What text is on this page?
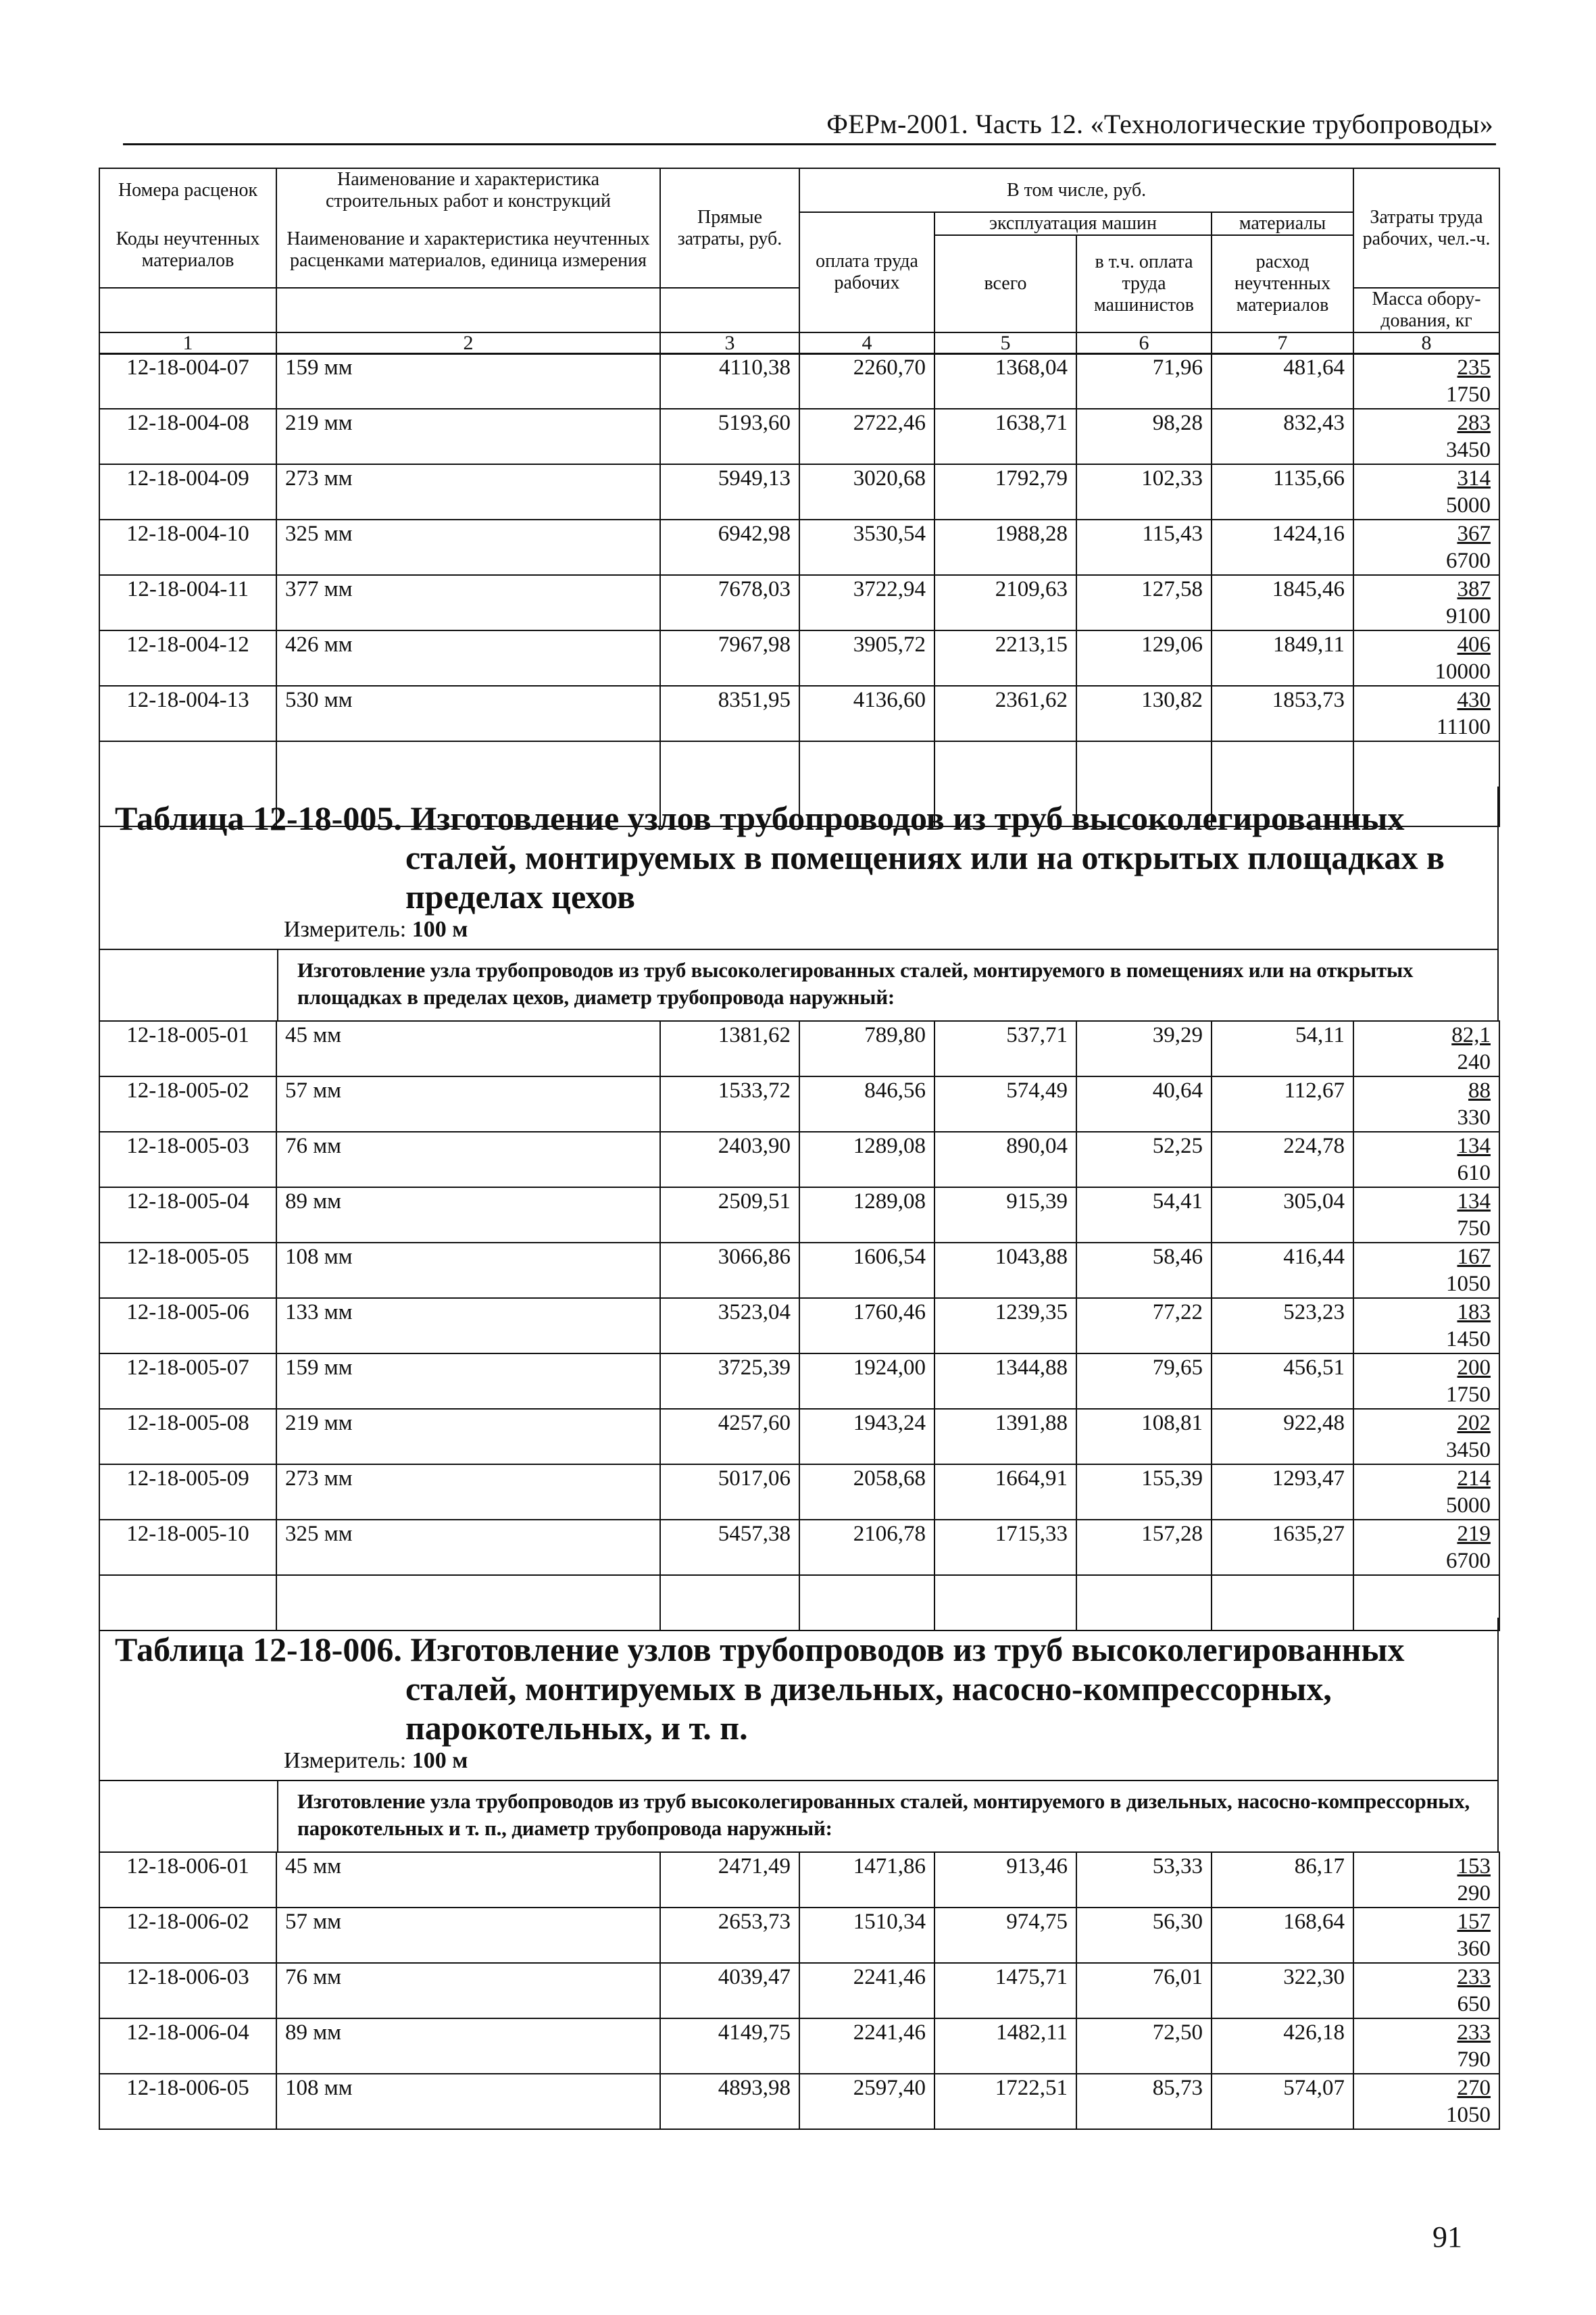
ФЕРм-2001. Часть 12. «Технологические трубопроводы»
Номера расценок	Наименование и характеристика строительных работ и конструкций	Прямые затраты, руб.	В том числе, руб.				Затраты труда рабочих, чел.-ч.
Коды неучтенных материалов	Наименование и характеристика неучтенных расценками материалов, единица измерения		оплата труда рабочих	эксплуатация машин		материалы	
				всего	в т.ч. оплата труда машинистов	расход неучтенных материалов	
							Масса обору-дования, кг
1	2	3	4	5	6	7	8
12-18-004-07	159 мм	4110,38	2260,70	1368,04	71,96	481,64	235
1750

12-18-004-08	219 мм	5193,60	2722,46	1638,71	98,28	832,43	283
3450

12-18-004-09	273 мм	5949,13	3020,68	1792,79	102,33	1135,66	314
5000

12-18-004-10	325 мм	6942,98	3530,54	1988,28	115,43	1424,16	367
6700

12-18-004-11	377 мм	7678,03	3722,94	2109,63	127,58	1845,46	387
9100

12-18-004-12	426 мм	7967,98	3905,72	2213,15	129,06	1849,11	406
10000

12-18-004-13	530 мм	8351,95	4136,60	2361,62	130,82	1853,73	430
11100

Таблица 12-18-005. Изготовление узлов трубопроводов из труб высоколегированных
сталей, монтируемых в помещениях или на открытых площадках в
пределах цехов
Измеритель: 100 м
Изготовление узла трубопроводов из труб высоколегированных сталей, монтируемого в помещениях или на открытых площадках в пределах цехов, диаметр трубопровода наружный:
12-18-005-01	45 мм	1381,62	789,80	537,71	39,29	54,11	82,1
240

12-18-005-02	57 мм	1533,72	846,56	574,49	40,64	112,67	88
330

12-18-005-03	76 мм	2403,90	1289,08	890,04	52,25	224,78	134
610

12-18-005-04	89 мм	2509,51	1289,08	915,39	54,41	305,04	134
750

12-18-005-05	108 мм	3066,86	1606,54	1043,88	58,46	416,44	167
1050

12-18-005-06	133 мм	3523,04	1760,46	1239,35	77,22	523,23	183
1450

12-18-005-07	159 мм	3725,39	1924,00	1344,88	79,65	456,51	200
1750

12-18-005-08	219 мм	4257,60	1943,24	1391,88	108,81	922,48	202
3450

12-18-005-09	273 мм	5017,06	2058,68	1664,91	155,39	1293,47	214
5000

12-18-005-10	325 мм	5457,38	2106,78	1715,33	157,28	1635,27	219
6700

Таблица 12-18-006. Изготовление узлов трубопроводов из труб высоколегированных
сталей, монтируемых в дизельных, насосно-компрессорных,
парокотельных, и т. п.
Измеритель: 100 м
Изготовление узла трубопроводов из труб высоколегированных сталей, монтируемого в дизельных, насосно-компрессорных, парокотельных и т. п., диаметр трубопровода наружный:
12-18-006-01	45 мм	2471,49	1471,86	913,46	53,33	86,17	153
290

12-18-006-02	57 мм	2653,73	1510,34	974,75	56,30	168,64	157
360

12-18-006-03	76 мм	4039,47	2241,46	1475,71	76,01	322,30	233
650

12-18-006-04	89 мм	4149,75	2241,46	1482,11	72,50	426,18	233
790

12-18-006-05	108 мм	4893,98	2597,40	1722,51	85,73	574,07	270
1050
91
